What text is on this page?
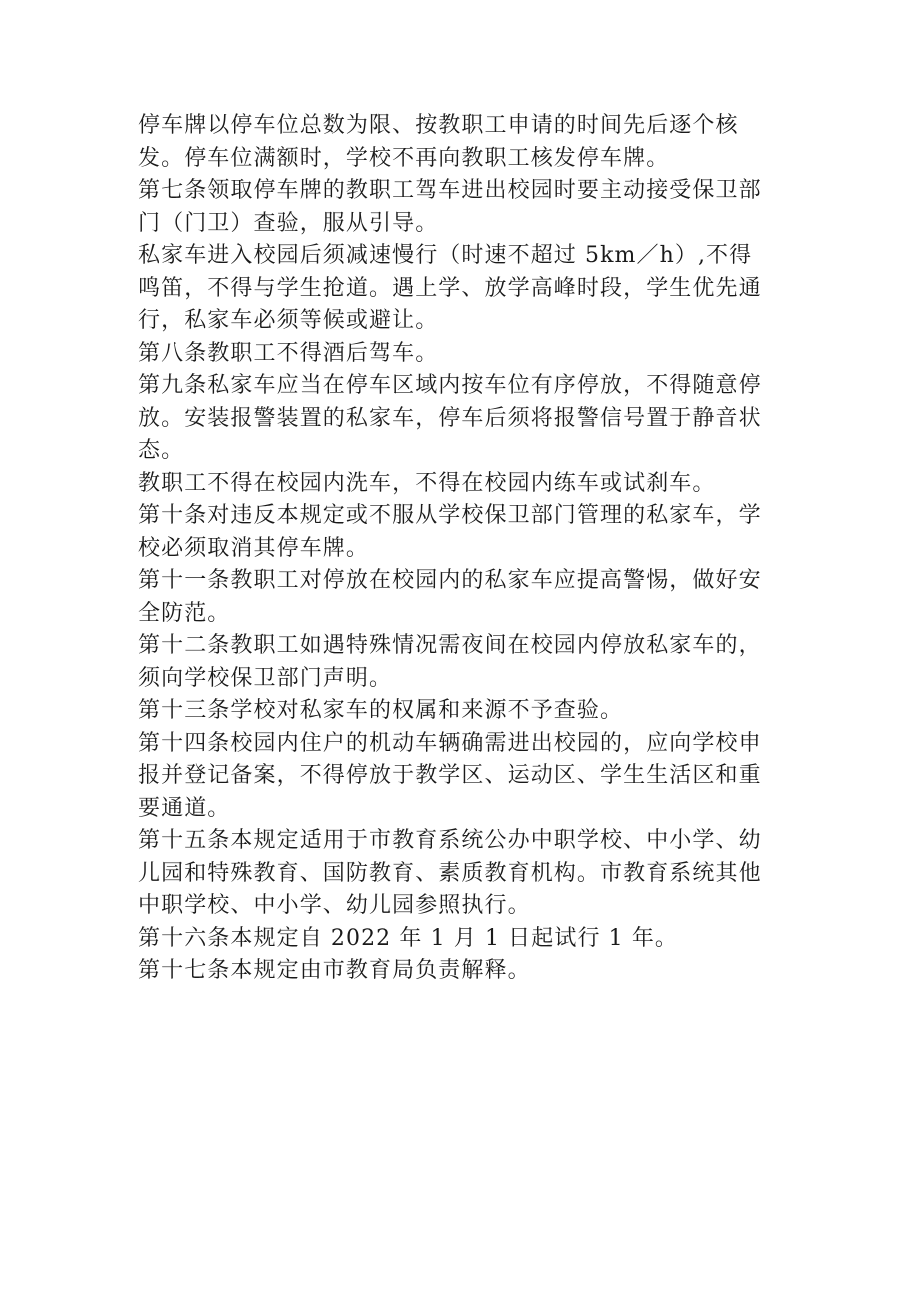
停车牌以停车位总数为限、按教职工申请的时间先后逐个核发。停车位满额时，学校不再向教职工核发停车牌。

第七条领取停车牌的教职工驾车进出校园时要主动接受保卫部门（门卫）查验，服从引导。

私家车进入校园后须减速慢行（时速不超过 5km／h）,不得鸣笛，不得与学生抢道。遇上学、放学高峰时段，学生优先通行，私家车必须等候或避让。

第八条教职工不得酒后驾车。

第九条私家车应当在停车区域内按车位有序停放，不得随意停放。安装报警装置的私家车，停车后须将报警信号置于静音状态。

教职工不得在校园内洗车，不得在校园内练车或试刹车。

第十条对违反本规定或不服从学校保卫部门管理的私家车，学校必须取消其停车牌。

第十一条教职工对停放在校园内的私家车应提高警惕，做好安全防范。

第十二条教职工如遇特殊情况需夜间在校园内停放私家车的，须向学校保卫部门声明。

第十三条学校对私家车的权属和来源不予查验。

第十四条校园内住户的机动车辆确需进出校园的，应向学校申报并登记备案，不得停放于教学区、运动区、学生生活区和重要通道。

第十五条本规定适用于市教育系统公办中职学校、中小学、幼儿园和特殊教育、国防教育、素质教育机构。市教育系统其他中职学校、中小学、幼儿园参照执行。

第十六条本规定自 2022 年 1 月 1 日起试行 1 年。

第十七条本规定由市教育局负责解释。
